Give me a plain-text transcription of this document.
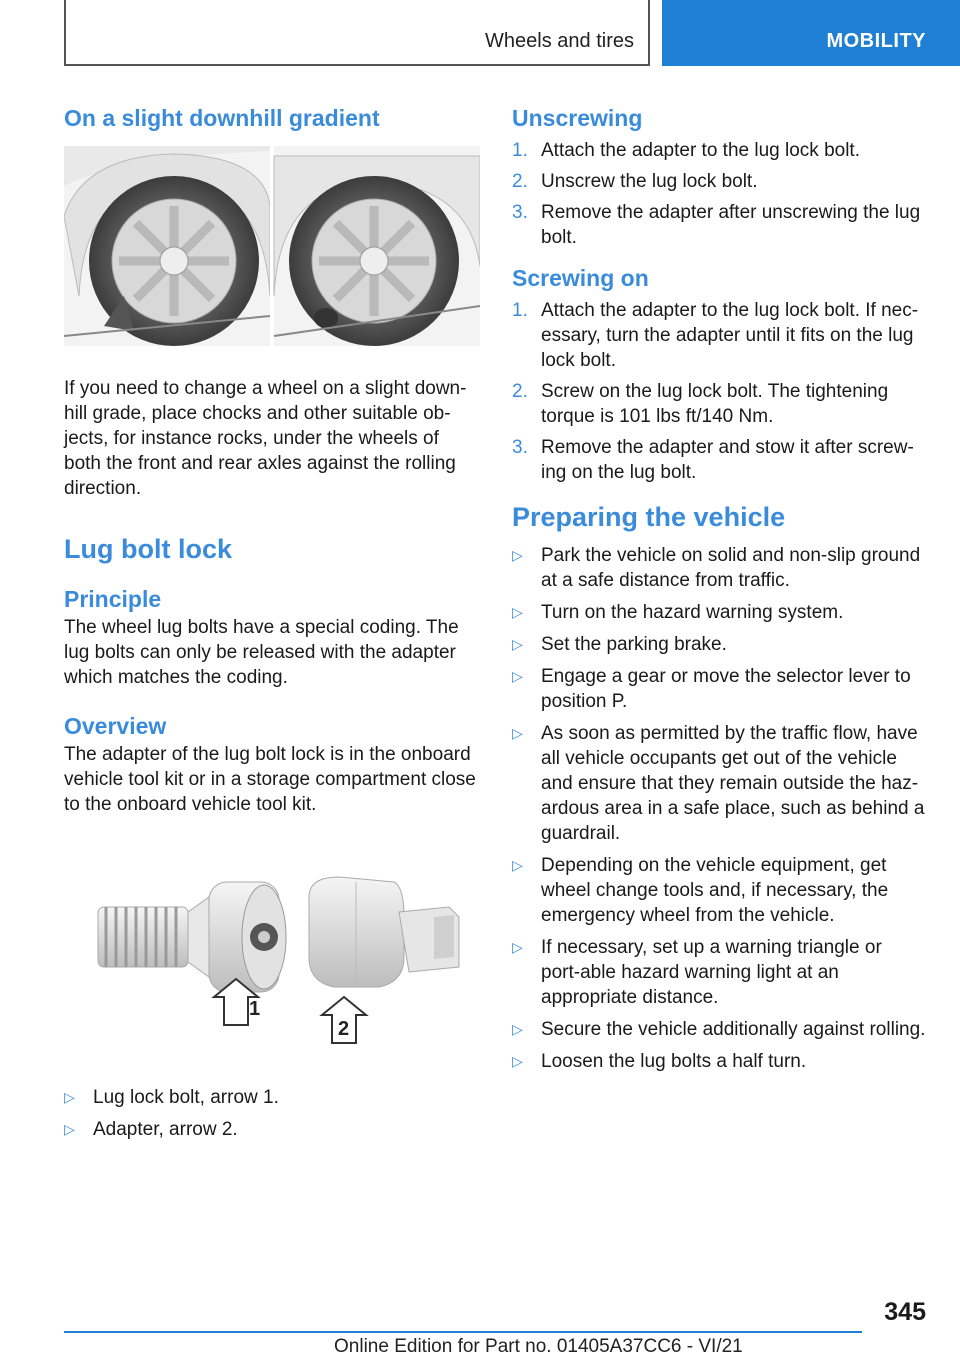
Wheels and tires	MOBILITY
On a slight downhill gradient

If you need to change a wheel on a slight down-hill grade, place chocks and other suitable ob-jects, for instance rocks, under the wheels of both the front and rear axles against the rolling direction.

Lug bolt lock
Principle

The wheel lug bolts have a special coding. The lug bolts can only be released with the adapter which matches the coding.

Overview

The adapter of the lug bolt lock is in the onboard vehicle tool kit or in a storage compartment close to the onboard vehicle tool kit.

1
2
▷ Lug lock bolt, arrow 1.
▷ Adapter, arrow 2.
Unscrewing
1. Attach the adapter to the lug lock bolt.
2. Unscrew the lug lock bolt.
3. Remove the adapter after unscrewing the lug bolt.
Screwing on
1. Attach the adapter to the lug lock bolt. If nec-essary, turn the adapter until it fits on the lug lock bolt.
2. Screw on the lug lock bolt. The tightening torque is 101 lbs ft/140 Nm.
3. Remove the adapter and stow it after screw-ing on the lug bolt.
Preparing the vehicle
▷ Park the vehicle on solid and non-slip ground at a safe distance from traffic.
▷ Turn on the hazard warning system.
▷ Set the parking brake.
▷ Engage a gear or move the selector lever to position P.
▷ As soon as permitted by the traffic flow, have all vehicle occupants get out of the vehicle and ensure that they remain outside the haz-ardous area in a safe place, such as behind a guardrail.
▷ Depending on the vehicle equipment, get wheel change tools and, if necessary, the emergency wheel from the vehicle.
▷ If necessary, set up a warning triangle or port-able hazard warning light at an appropriate distance.
▷ Secure the vehicle additionally against rolling.
▷ Loosen the lug bolts a half turn.
345
Online Edition for Part no. 01405A37CC6 - VI/21
